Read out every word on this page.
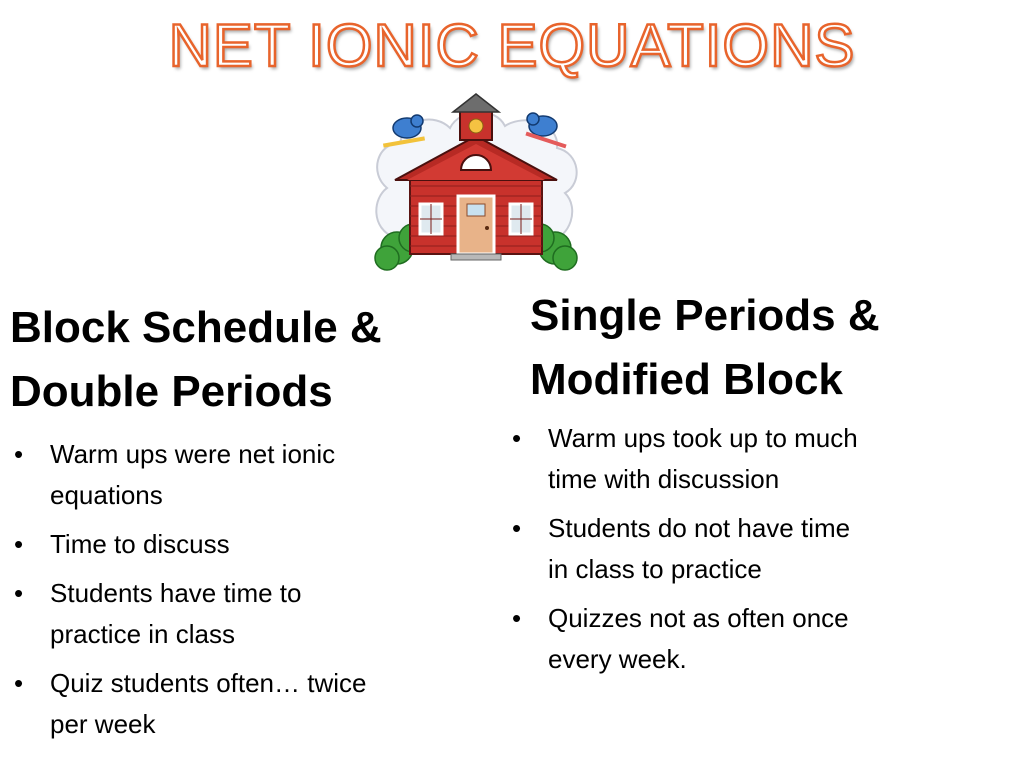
NET IONIC EQUATIONS
Block Schedule &
Double Periods
• Warm ups were net ionic
equations
• Time to discuss
• Students have time to
practice in class
• Quiz students often… twice
per week
Single Periods &
Modified Block
• Warm ups took up to much
time with discussion
• Students do not have time
in class to practice
• Quizzes not as often once
every week.
